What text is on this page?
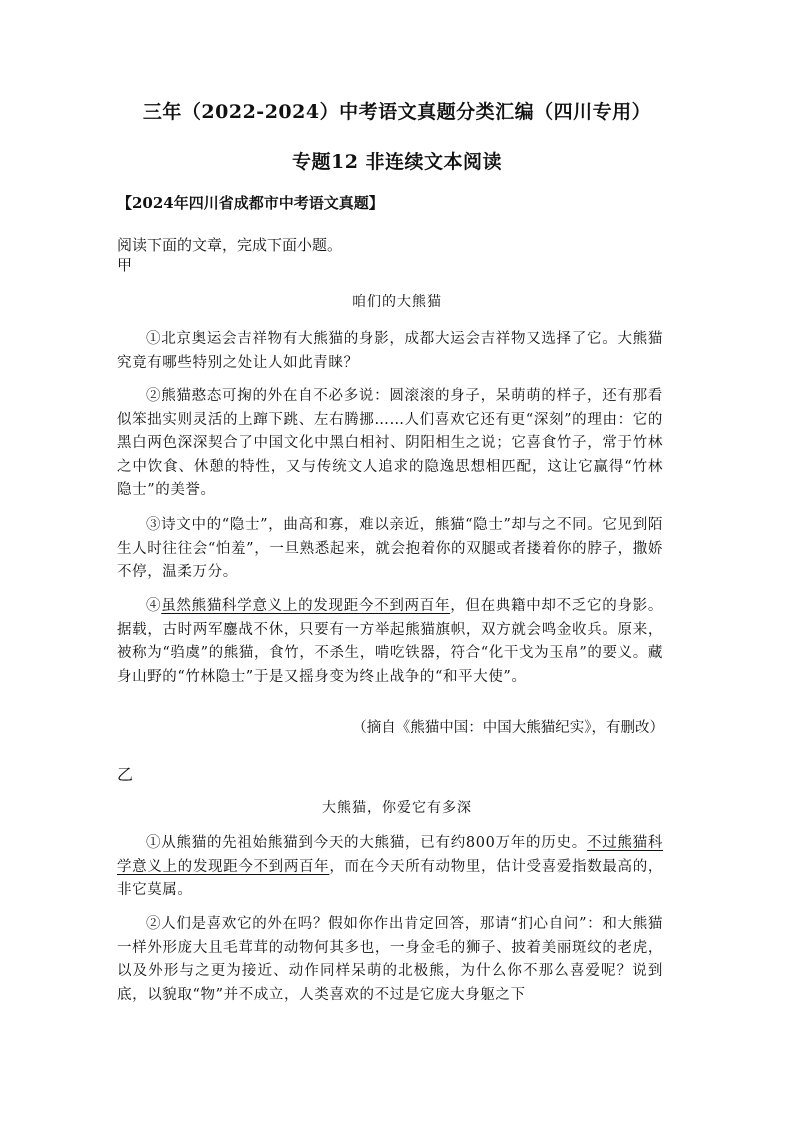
三年（2022-2024）中考语文真题分类汇编（四川专用）
专题12 非连续文本阅读
【2024年四川省成都市中考语文真题】
阅读下面的文章，完成下面小题。
甲
咱们的大熊猫
①北京奥运会吉祥物有大熊猫的身影，成都大运会吉祥物又选择了它。大熊猫究竟有哪些特别之处让人如此青睐？
②熊猫憨态可掬的外在自不必多说：圆滚滚的身子，呆萌萌的样子，还有那看似笨拙实则灵活的上蹿下跳、左右腾挪……人们喜欢它还有更“深刻”的理由：它的黑白两色深深契合了中国文化中黑白相衬、阴阳相生之说；它喜食竹子，常于竹林之中饮食、休憩的特性，又与传统文人追求的隐逸思想相匹配，这让它赢得“竹林隐士”的美誉。
③诗文中的“隐士”，曲高和寡，难以亲近，熊猫“隐士”却与之不同。它见到陌生人时往往会“怕羞”，一旦熟悉起来，就会抱着你的双腿或者搂着你的脖子，撒娇不停，温柔万分。
④虽然熊猫科学意义上的发现距今不到两百年，但在典籍中却不乏它的身影。据载，古时两军鏖战不休，只要有一方举起熊猫旗帜，双方就会鸣金收兵。原来，被称为“驺虞”的熊猫，食竹，不杀生，啃吃铁器，符合“化干戈为玉帛”的要义。藏身山野的“竹林隐士”于是又摇身变为终止战争的“和平大使”。
（摘自《熊猫中国：中国大熊猫纪实》，有删改）
乙
大熊猫，你爱它有多深
①从熊猫的先祖始熊猫到今天的大熊猫，已有约800万年的历史。不过熊猫科学意义上的发现距今不到两百年，而在今天所有动物里，估计受喜爱指数最高的，非它莫属。
②人们是喜欢它的外在吗？假如你作出肯定回答，那请“扪心自问”：和大熊猫一样外形庞大且毛茸茸的动物何其多也，一身金毛的狮子、披着美丽斑纹的老虎，以及外形与之更为接近、动作同样呆萌的北极熊，为什么你不那么喜爱呢？说到底，以貌取“物”并不成立，人类喜欢的不过是它庞大身躯之下
